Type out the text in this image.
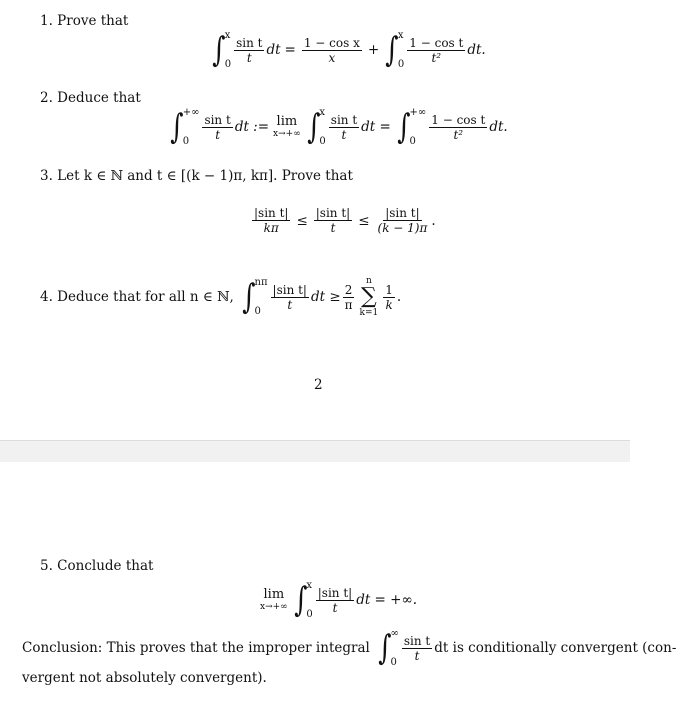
1. Prove that
∫ x
$0 \frac{\text{sin t}}{t}$ dt = $\frac{\text{1 − cos x}}{x}$ + ∫ x
$0 \frac{\text{1 − cos t}}{\text{t²}}$ dt.
2. Deduce that
∫ +∞
0	$\frac{\text{sin t}}{t}$ dt := lim
x→+∞ ∫ x
$0 \frac{\text{sin t}}{t}$ dt = ∫ +∞
0	$\frac{\text{1 − cos t}}{\text{t²}}$ dt.
3. Let k ∈ ℕ and t ∈ [(k − 1)π, kπ]. Prove that
$\frac{\text{|sin t|}}{k\pi} \le \frac{\text{|sin t|}}{t} \le \frac{\text{|sin t|}}{(k - 1)\pi}$ .
4. Deduce that for all n ∈ ℕ, ∫ nπ
$0 \frac{\text{|sin t|}}{t}$ dt ≥ $\frac{2}{\pi}$
n
∑
k=1
$\frac{1}{k}$ .
2
5. Conclude that
lim
x→+∞ ∫ x
$0 \frac{\text{|sin t|}}{t}$ dt = +∞.
Conclusion: This proves that the improper integral ∫ ∞
$0 \frac{\text{sin t}}{t}$ dt is conditionally convergent (con-
vergent not absolutely convergent).
